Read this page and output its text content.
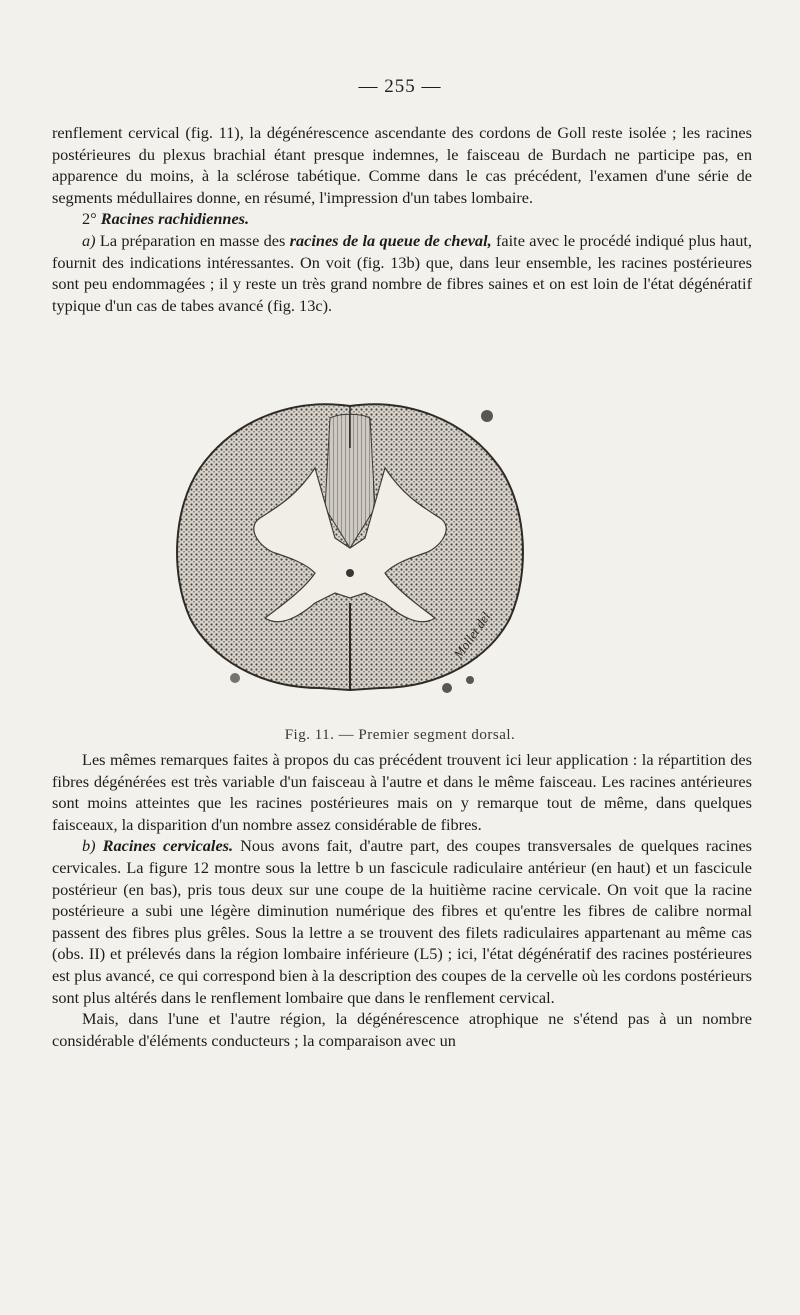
— 255 —

renflement cervical (fig. 11), la dégénérescence ascendante des cordons de Goll reste isolée ; les racines postérieures du plexus brachial étant presque indemnes, le faisceau de Burdach ne participe pas, en apparence du moins, à la sclérose tabétique. Comme dans le cas précédent, l'examen d'une série de segments médullaires donne, en résumé, l'impression d'un tabes lombaire.

2° Racines rachidiennes.

a) La préparation en masse des racines de la queue de cheval, faite avec le procédé indiqué plus haut, fournit des indications intéressantes. On voit (fig. 13b) que, dans leur ensemble, les racines postérieures sont peu endommagées ; il y reste un très grand nombre de fibres saines et on est loin de l'état dégénératif typique d'un cas de tabes avancé (fig. 13c).

Mollet del.
Fig. 11. — Premier segment dorsal.

Les mêmes remarques faites à propos du cas précédent trouvent ici leur application : la répartition des fibres dégénérées est très variable d'un faisceau à l'autre et dans le même faisceau. Les racines antérieures sont moins atteintes que les racines postérieures mais on y remarque tout de même, dans quelques faisceaux, la disparition d'un nombre assez considérable de fibres.

b) Racines cervicales. Nous avons fait, d'autre part, des coupes transversales de quelques racines cervicales. La figure 12 montre sous la lettre b un fascicule radiculaire antérieur (en haut) et un fascicule postérieur (en bas), pris tous deux sur une coupe de la huitième racine cervicale. On voit que la racine postérieure a subi une légère diminution numérique des fibres et qu'entre les fibres de calibre normal passent des fibres plus grêles. Sous la lettre a se trouvent des filets radiculaires appartenant au même cas (obs. II) et prélevés dans la région lombaire inférieure (L5) ; ici, l'état dégénératif des racines postérieures est plus avancé, ce qui correspond bien à la description des coupes de la cervelle où les cordons postérieurs sont plus altérés dans le renflement lombaire que dans le renflement cervical.

Mais, dans l'une et l'autre région, la dégénérescence atrophique ne s'étend pas à un nombre considérable d'éléments conducteurs ; la comparaison avec un
